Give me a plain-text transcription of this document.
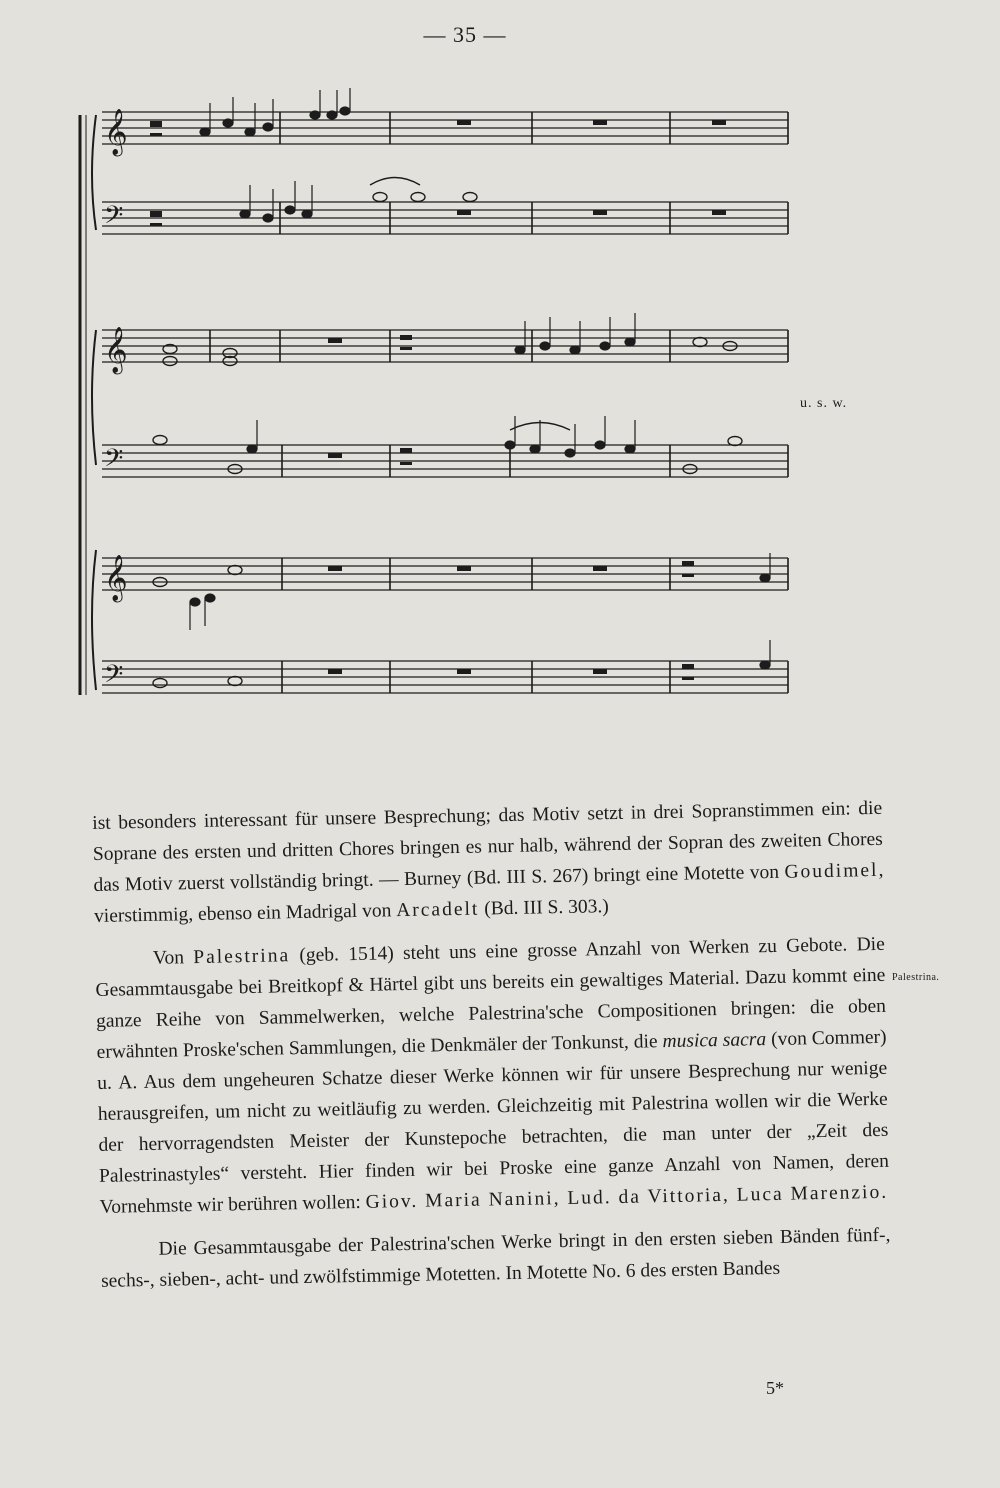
— 35 —
𝄞
𝄢
𝄞
𝄢
𝄞
𝄢
u. s. w.

ist besonders interessant für unsere Besprechung; das Motiv setzt in drei Sopranstimmen ein: die Soprane des ersten und dritten Chores bringen es nur halb, während der Sopran des zweiten Chores das Motiv zuerst vollständig bringt. — Burney (Bd. III S. 267) bringt eine Motette von Goudimel, vierstimmig, ebenso ein Madrigal von Arcadelt (Bd. III S. 303.)

Von Palestrina (geb. 1514) steht uns eine grosse Anzahl von Werken zu Gebote. Die Gesammtausgabe bei Breitkopf & Härtel gibt uns bereits ein gewaltiges Material. Dazu kommt eine ganze Reihe von Sammelwerken, welche Palestrina'sche Compositionen bringen: die oben erwähnten Proske'schen Sammlungen, die Denkmäler der Tonkunst, die musica sacra (von Commer) u. A. Aus dem ungeheuren Schatze dieser Werke können wir für unsere Besprechung nur wenige herausgreifen, um nicht zu weitläufig zu werden. Gleichzeitig mit Palestrina wollen wir die Werke der hervorragendsten Meister der Kunstepoche betrachten, die man unter der „Zeit des Palestrinastyles“ versteht. Hier finden wir bei Proske eine ganze Anzahl von Namen, deren Vornehmste wir berühren wollen: Giov. Maria Nanini, Lud. da Vittoria, Luca Marenzio.

Die Gesammtausgabe der Palestrina'schen Werke bringt in den ersten sieben Bänden fünf-, sechs-, sieben-, acht- und zwölfstimmige Motetten. In Motette No. 6 des ersten Bandes

Palestrina.
5*
